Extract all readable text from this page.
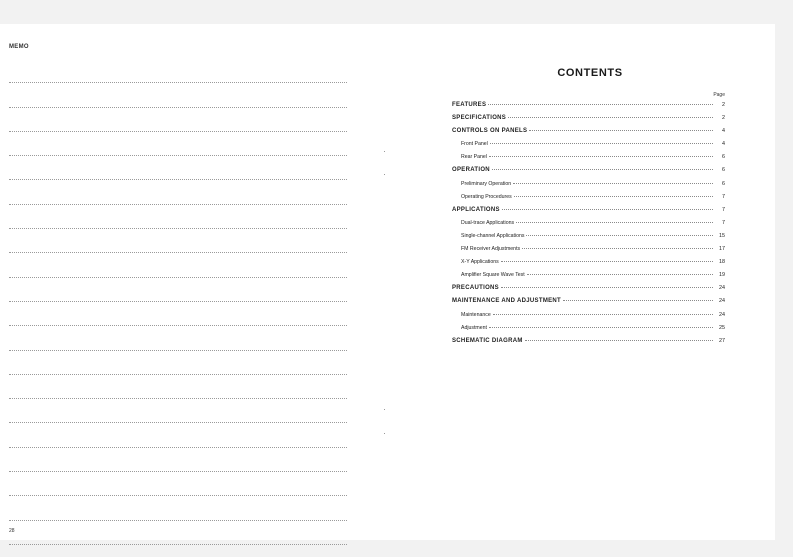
MEMO
28
CONTENTS
Page
FEATURES	2
SPECIFICATIONS	2
CONTROLS ON PANELS	4
Front Panel	4
Rear Panel	6
OPERATION	6
Preliminary Operation	6
Operating Procedures	7
APPLICATIONS	7
Dual-trace Applications	7
Single-channel Applications	15
FM Receiver Adjustments	17
X-Y Applications	18
Amplifier Square Wave Test	19
PRECAUTIONS	24
MAINTENANCE AND ADJUSTMENT	24
Maintenance	24
Adjustment	25
SCHEMATIC DIAGRAM	27
